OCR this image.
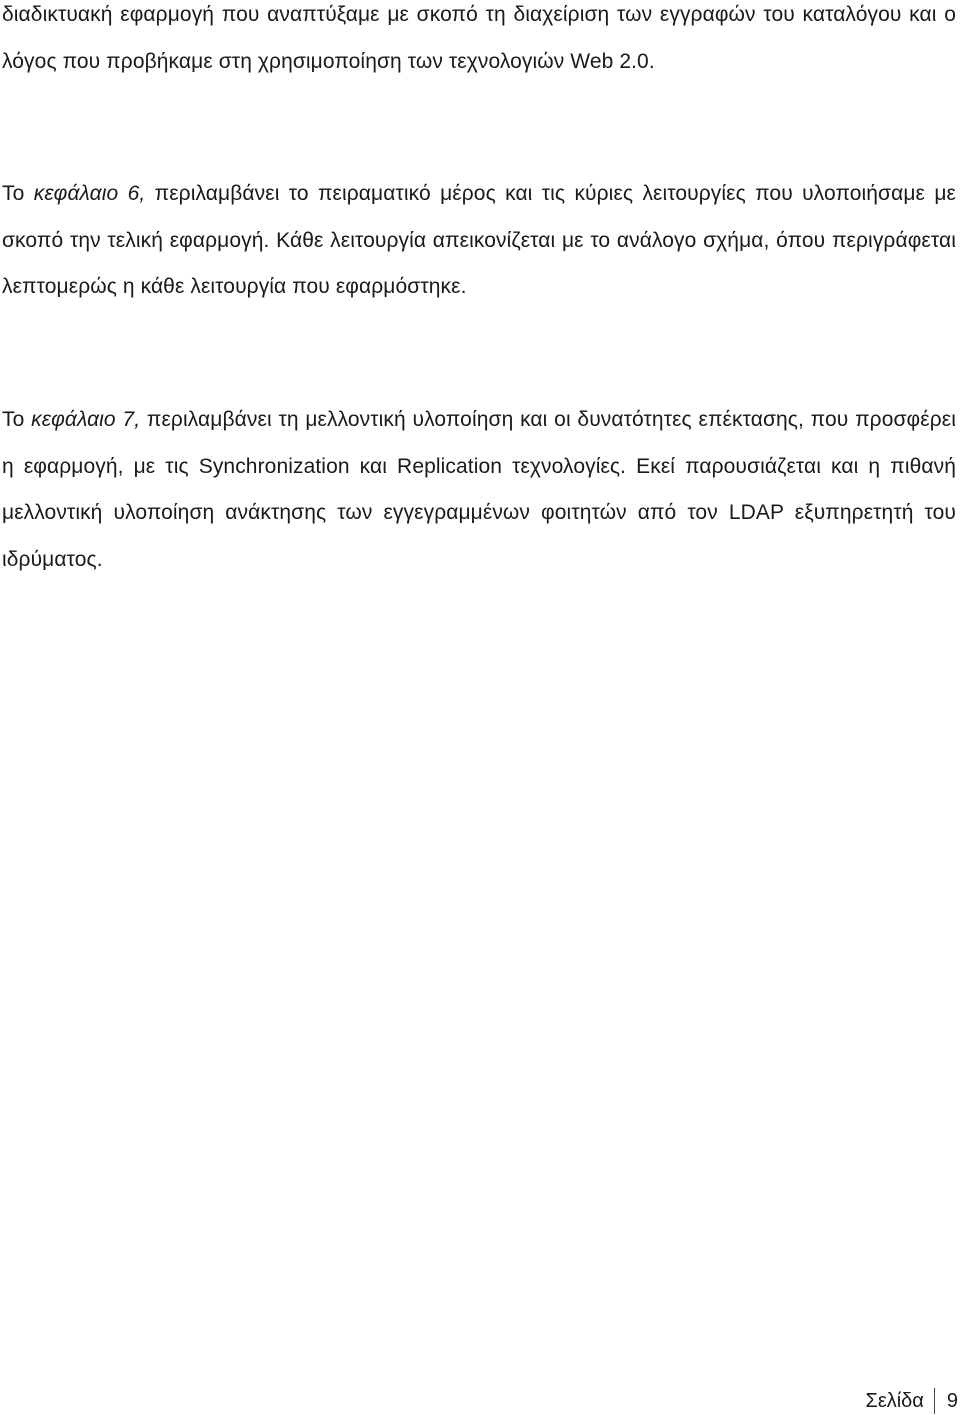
διαδικτυακή εφαρμογή που αναπτύξαμε με σκοπό τη διαχείριση των εγγραφών του καταλόγου και ο λόγος που προβήκαμε στη χρησιμοποίηση των τεχνολογιών Web 2.0.

Το κεφάλαιο 6, περιλαμβάνει το πειραματικό μέρος και τις κύριες λειτουργίες που υλοποιήσαμε με σκοπό την τελική εφαρμογή. Κάθε λειτουργία απεικονίζεται με το ανάλογο σχήμα, όπου περιγράφεται λεπτομερώς η κάθε λειτουργία που εφαρμόστηκε.

Το κεφάλαιο 7, περιλαμβάνει τη μελλοντική υλοποίηση και οι δυνατότητες επέκτασης, που προσφέρει η εφαρμογή, με τις Synchronization και Replication τεχνολογίες. Εκεί παρουσιάζεται και η πιθανή μελλοντική υλοποίηση ανάκτησης των εγγεγραμμένων φοιτητών από τον LDAP εξυπηρετητή του ιδρύματος.

Σελίδα 9
